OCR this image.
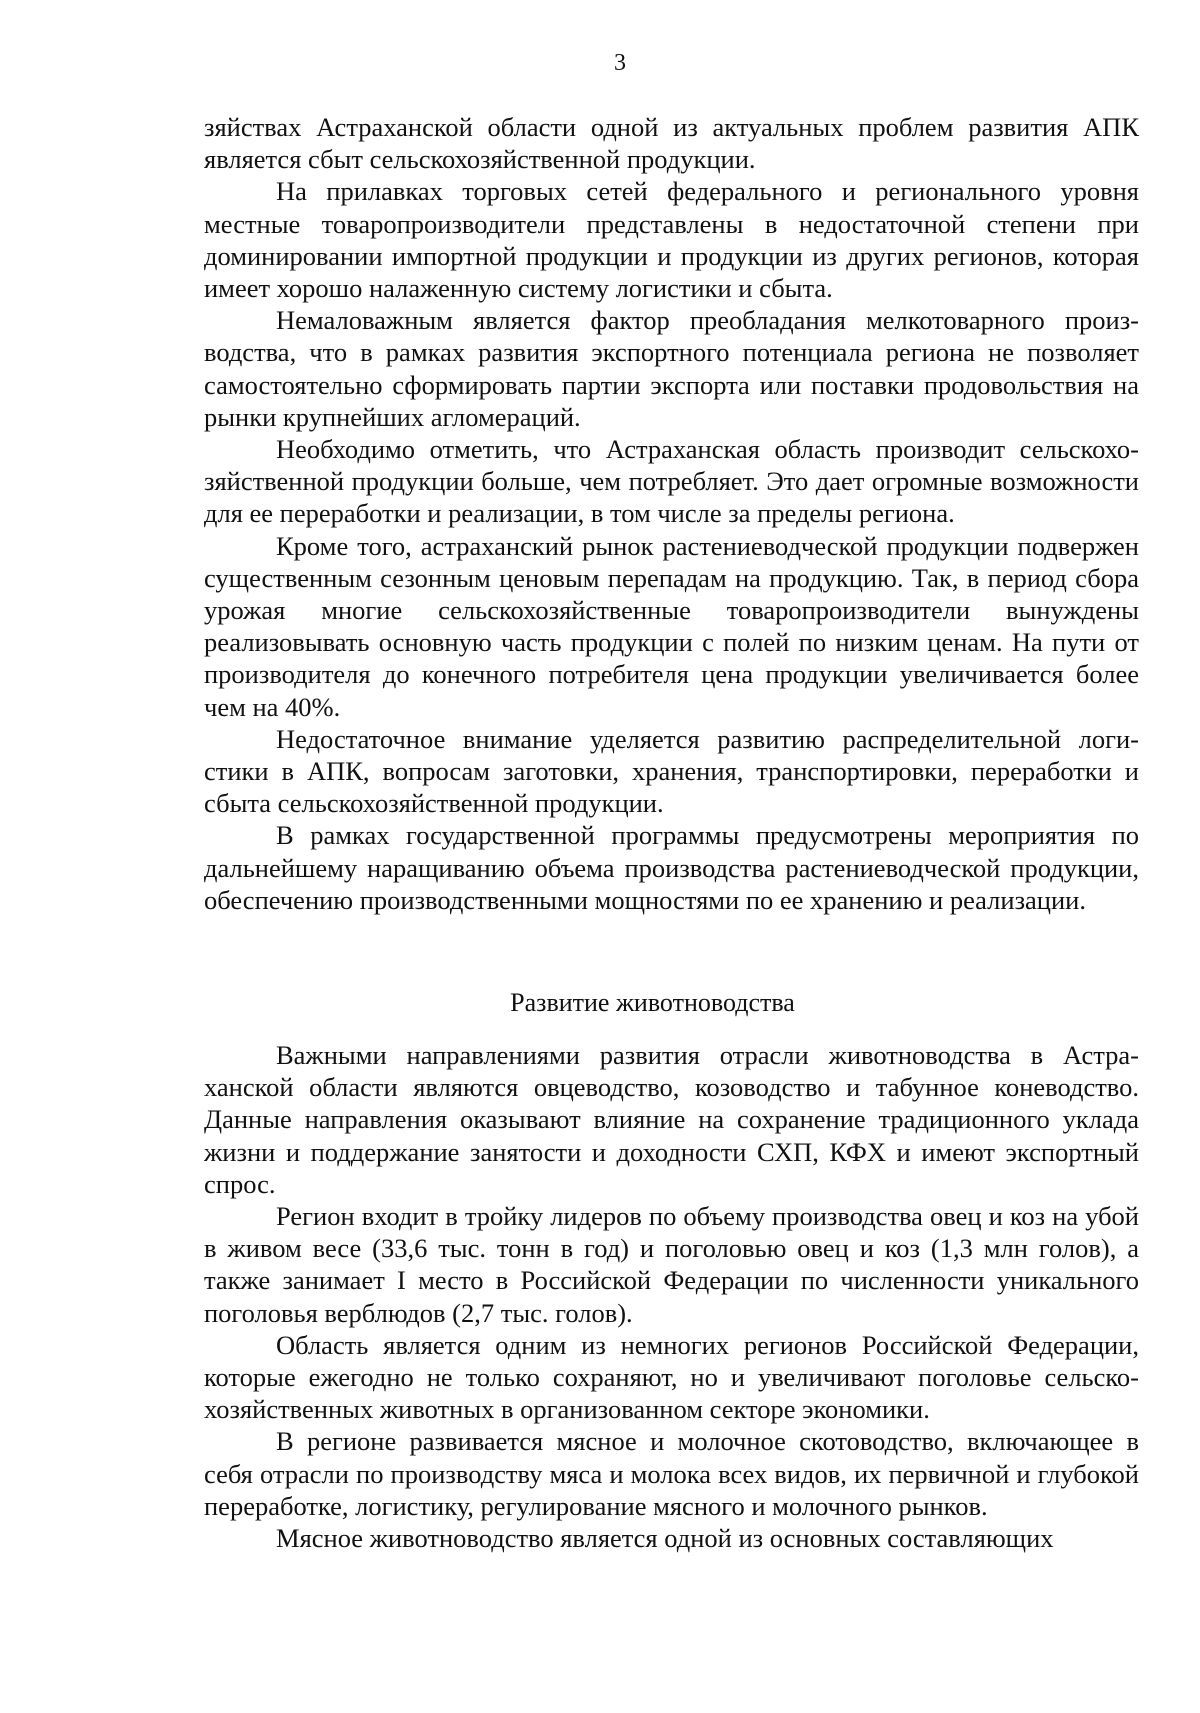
3

зяйствах Астраханской области одной из актуальных проблем развития АПК является сбыт сельскохозяйственной продукции.

На прилавках торговых сетей федерального и регионального уровня местные товаропроизводители представлены в недостаточной степени при доминировании импортной продукции и продукции из других регионов, которая имеет хорошо налаженную систему логистики и сбыта.

Немаловажным является фактор преобладания мелкотоварного производства, что в рамках развития экспортного потенциала региона не позволяет самостоятельно сформировать партии экспорта или поставки продовольствия на рынки крупнейших агломераций.

Необходимо отметить, что Астраханская область производит сельскохозяйственной продукции больше, чем потребляет. Это дает огромные возможности для ее переработки и реализации, в том числе за пределы региона.

Кроме того, астраханский рынок растениеводческой продукции подвержен существенным сезонным ценовым перепадам на продукцию. Так, в период сбора урожая многие сельскохозяйственные товаропроизводители вынуждены реализовывать основную часть продукции с полей по низким ценам. На пути от производителя до конечного потребителя цена продукции увеличивается более чем на 40%.

Недостаточное внимание уделяется развитию распределительной логистики в АПК, вопросам заготовки, хранения, транспортировки, переработки и сбыта сельскохозяйственной продукции.

В рамках государственной программы предусмотрены мероприятия по дальнейшему наращиванию объема производства растениеводческой продукции, обеспечению производственными мощностями по ее хранению и реализации.

Развитие животноводства

Важными направлениями развития отрасли животноводства в Астраханской области являются овцеводство, козоводство и табунное коневодство. Данные направления оказывают влияние на сохранение традиционного уклада жизни и поддержание занятости и доходности СХП, КФХ и имеют экспортный спрос.

Регион входит в тройку лидеров по объему производства овец и коз на убой в живом весе (33,6 тыс. тонн в год) и поголовью овец и коз (1,3 млн голов), а также занимает I место в Российской Федерации по численности уникального поголовья верблюдов (2,7 тыс. голов).

Область является одним из немногих регионов Российской Федерации, которые ежегодно не только сохраняют, но и увеличивают поголовье сельскохозяйственных животных в организованном секторе экономики.

В регионе развивается мясное и молочное скотоводство, включающее в себя отрасли по производству мяса и молока всех видов, их первичной и глубокой переработке, логистику, регулирование мясного и молочного рынков.

Мясное животноводство является одной из основных составляющих
